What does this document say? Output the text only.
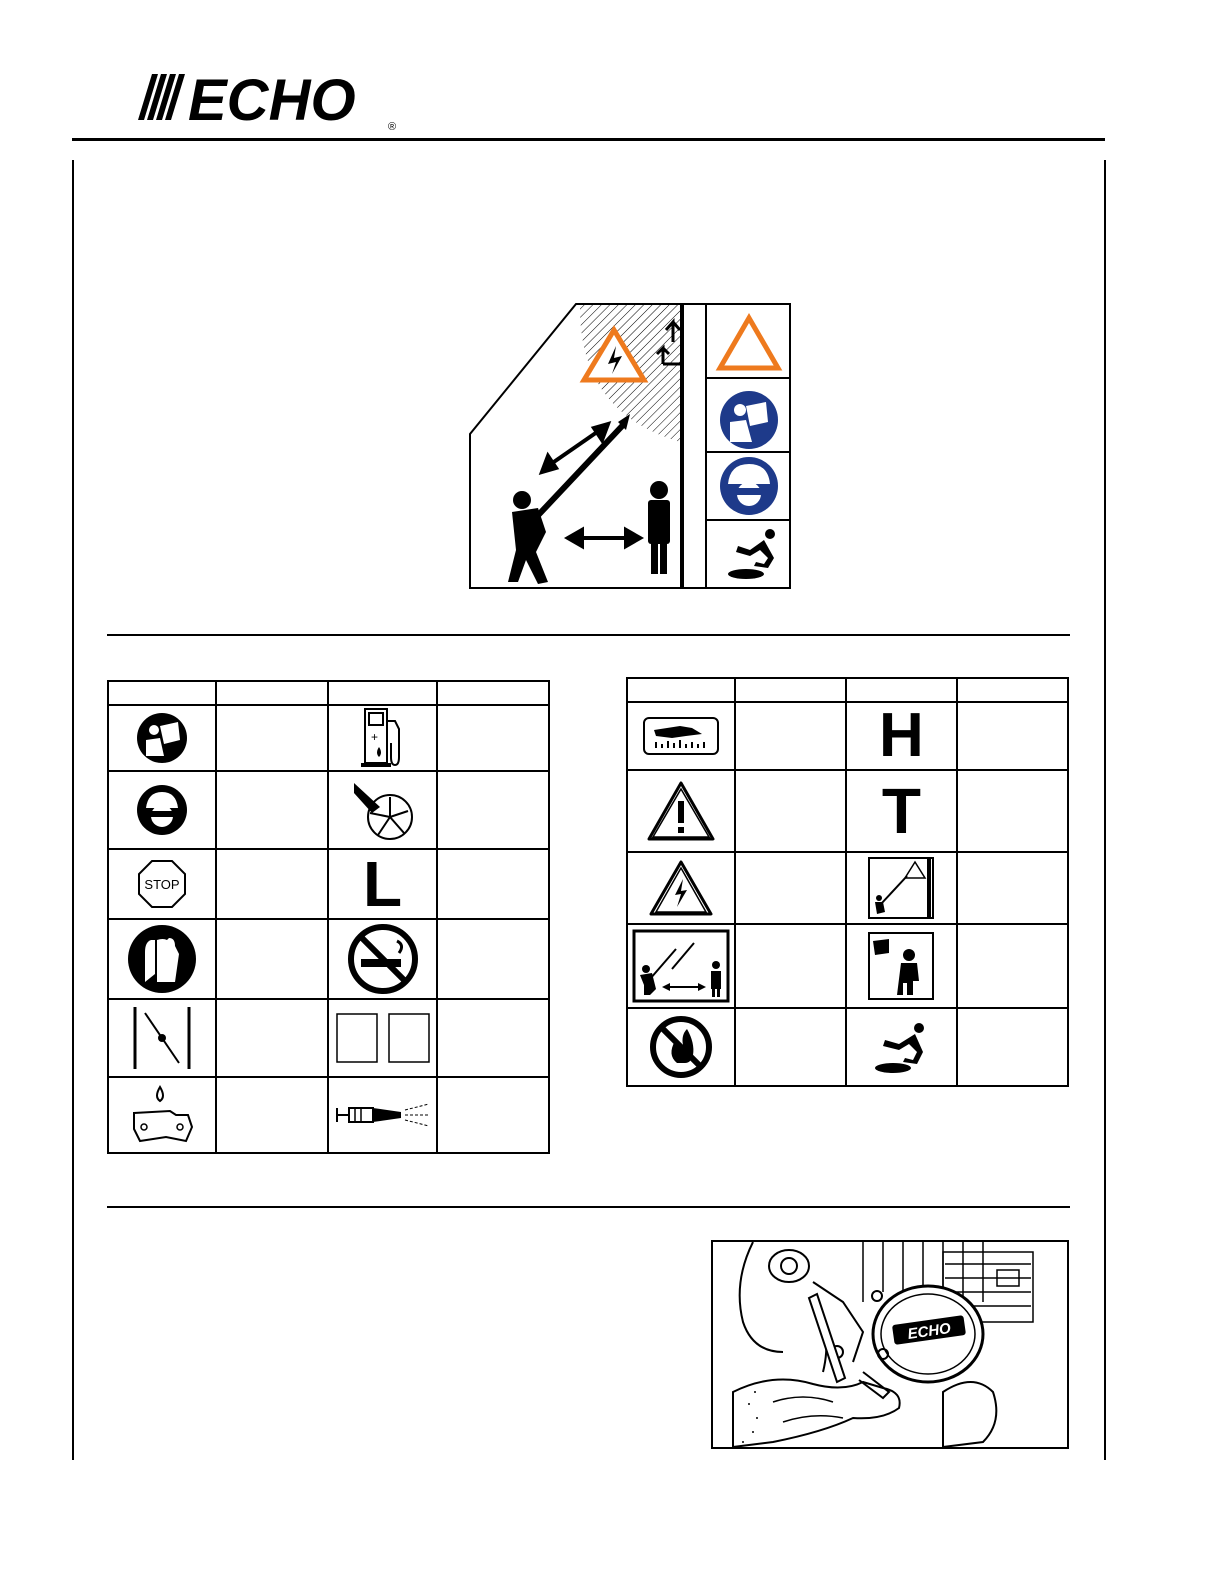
ECHO	®

+	

STOP		L	

		H	

		T	

ECHO
